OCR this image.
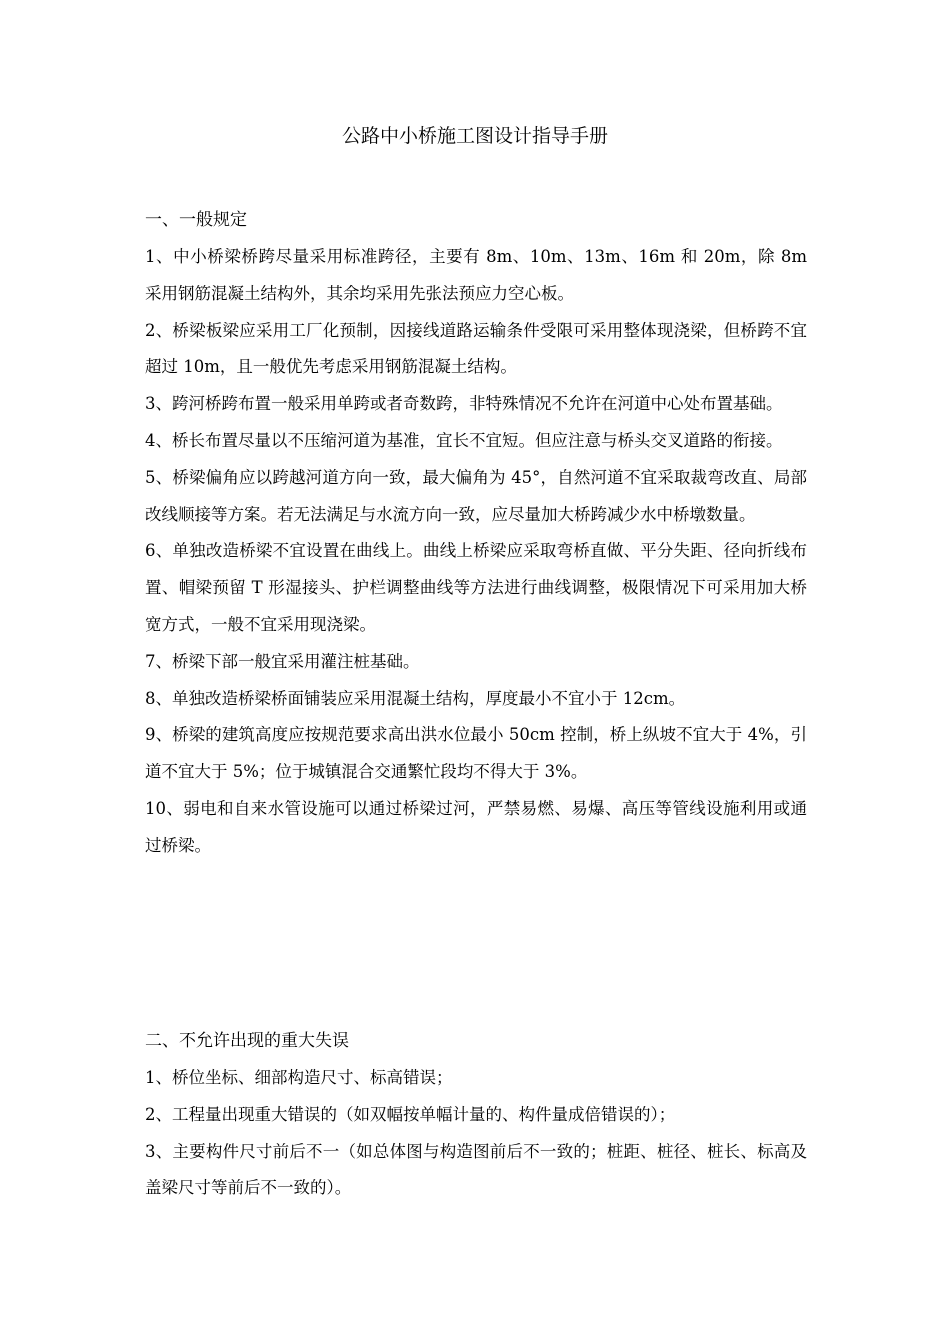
公路中小桥施工图设计指导手册
一、一般规定

1、中小桥梁桥跨尽量采用标准跨径，主要有 8m、10m、13m、16m 和 20m，除 8m 采用钢筋混凝土结构外，其余均采用先张法预应力空心板。

2、桥梁板梁应采用工厂化预制，因接线道路运输条件受限可采用整体现浇梁，但桥跨不宜超过 10m，且一般优先考虑采用钢筋混凝土结构。

3、跨河桥跨布置一般采用单跨或者奇数跨，非特殊情况不允许在河道中心处布置基础。

4、桥长布置尽量以不压缩河道为基准，宜长不宜短。但应注意与桥头交叉道路的衔接。

5、桥梁偏角应以跨越河道方向一致，最大偏角为 45°，自然河道不宜采取裁弯改直、局部改线顺接等方案。若无法满足与水流方向一致，应尽量加大桥跨减少水中桥墩数量。

6、单独改造桥梁不宜设置在曲线上。曲线上桥梁应采取弯桥直做、平分失距、径向折线布置、帽梁预留 T 形湿接头、护栏调整曲线等方法进行曲线调整，极限情况下可采用加大桥宽方式，一般不宜采用现浇梁。

7、桥梁下部一般宜采用灌注桩基础。

8、单独改造桥梁桥面铺装应采用混凝土结构，厚度最小不宜小于 12cm。

9、桥梁的建筑高度应按规范要求高出洪水位最小 50cm 控制，桥上纵坡不宜大于 4%，引道不宜大于 5%；位于城镇混合交通繁忙段均不得大于 3%。

10、弱电和自来水管设施可以通过桥梁过河，严禁易燃、易爆、高压等管线设施利用或通过桥梁。

二、不允许出现的重大失误

1、桥位坐标、细部构造尺寸、标高错误；

2、工程量出现重大错误的（如双幅按单幅计量的、构件量成倍错误的）；

3、主要构件尺寸前后不一（如总体图与构造图前后不一致的；桩距、桩径、桩长、标高及盖梁尺寸等前后不一致的）。
